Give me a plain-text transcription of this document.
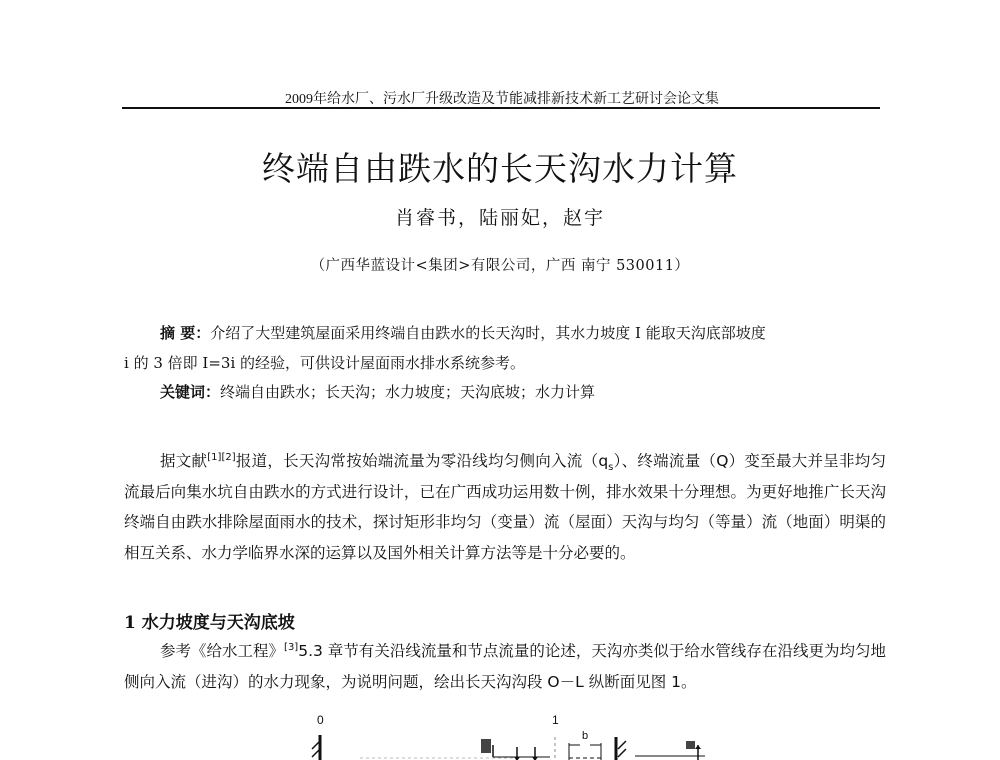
2009年给水厂、污水厂升级改造及节能减排新技术新工艺研讨会论文集
终端自由跌水的长天沟水力计算
肖睿书，陆丽妃，赵宇
（广西华蓝设计<集团>有限公司，广西 南宁 530011）
摘 要：介绍了大型建筑屋面采用终端自由跌水的长天沟时，其水力坡度 I 能取天沟底部坡度
i 的 3 倍即 I=3i 的经验，可供设计屋面雨水排水系统参考。
关键词：终端自由跌水；长天沟；水力坡度；天沟底坡；水力计算
据文献[1][2]报道，长天沟常按始端流量为零沿线均匀侧向入流$(q_s)$、终端流量（Q）变至最大并呈非均匀流最后向集水坑自由跌水的方式进行设计，已在广西成功运用数十例，排水效果十分理想。为更好地推广长天沟终端自由跌水排除屋面雨水的技术，探讨矩形非均匀（变量）流（屋面）天沟与均匀（等量）流（地面）明渠的相互关系、水力学临界水深的运算以及国外相关计算方法等是十分必要的。
1 水力坡度与天沟底坡
参考《给水工程》[3]5.3 章节有关沿线流量和节点流量的论述，天沟亦类似于给水管线存在沿线更为均匀地侧向入流（进沟）的水力现象，为说明问题，绘出长天沟沟段 O－L 纵断面见图 1。
0	1
b
